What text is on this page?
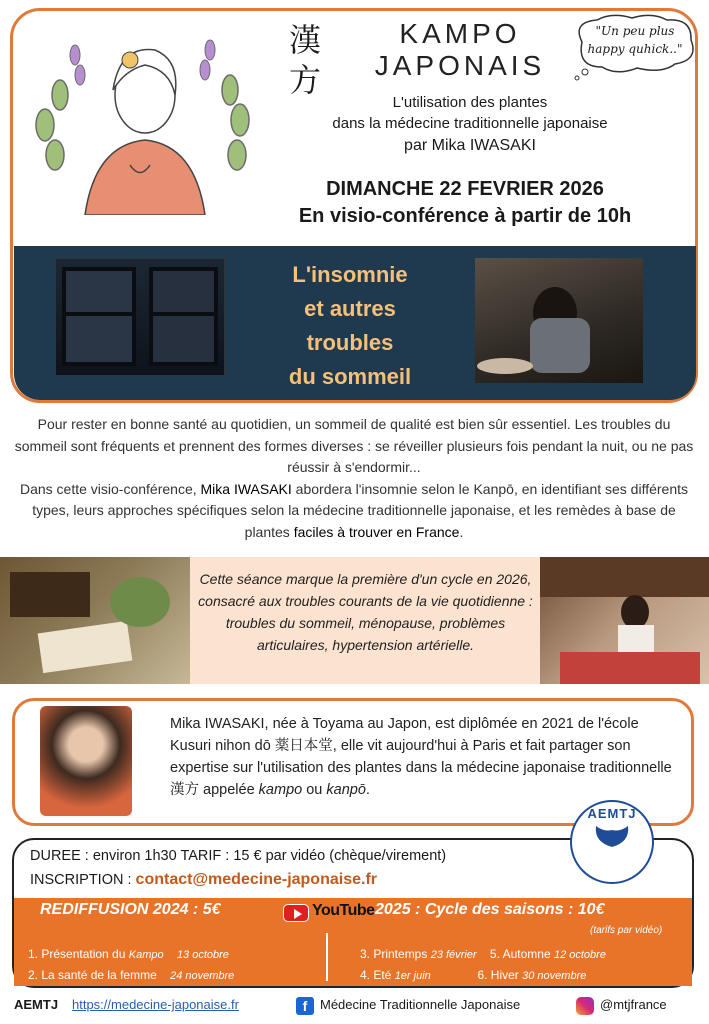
漢方
KAMPO
JAPONAIS
"Un peu plus happy quhick.."
L'utilisation des plantes
dans la médecine traditionnelle japonaise
par Mika IWASAKI
DIMANCHE 22 FEVRIER 2026
En visio-conférence à partir de 10h
L'insomnie
et autres
troubles
du sommeil

Pour rester en bonne santé au quotidien, un sommeil de qualité est bien sûr essentiel. Les troubles du sommeil sont fréquents et prennent des formes diverses : se réveiller plusieurs fois pendant la nuit, ou ne pas réussir à s'endormir...

Dans cette visio-conférence, Mika IWASAKI abordera l'insomnie selon le Kanpō, en identifiant ses différents types, leurs approches spécifiques selon la médecine traditionnelle japonaise, et les remèdes à base de plantes faciles à trouver en France.

Cette séance marque la première d'un cycle en 2026, consacré aux troubles courants de la vie quotidienne : troubles du sommeil, ménopause, problèmes articulaires, hypertension artérielle.
Mika IWASAKI, née à Toyama au Japon, est diplômée en 2021 de l'école Kusuri nihon dō 薬日本堂, elle vit aujourd'hui à Paris et fait partager son expertise sur l'utilisation des plantes dans la médecine japonaise traditionnelle 漢方 appelée kampo ou kanpō.
DUREE : environ 1h30 TARIF : 15 € par vidéo (chèque/virement)
INSCRIPTION : contact@medecine-japonaise.fr
AEMTJ
REDIFFUSION 2024 : 5€	YouTube 2025 : Cycle des saisons : 10€
(tarifs par vidéo)
1. Présentation du Kampo 13 octobre
2. La santé de la femme 24 novembre
3. Printemps 23 février 5. Automne 12 octobre
4. Eté 1er juin	6. Hiver 30 novembre
AEMTJ https://medecine-japonaise.fr	f Médecine Traditionnelle Japonaise	@mtjfrance
